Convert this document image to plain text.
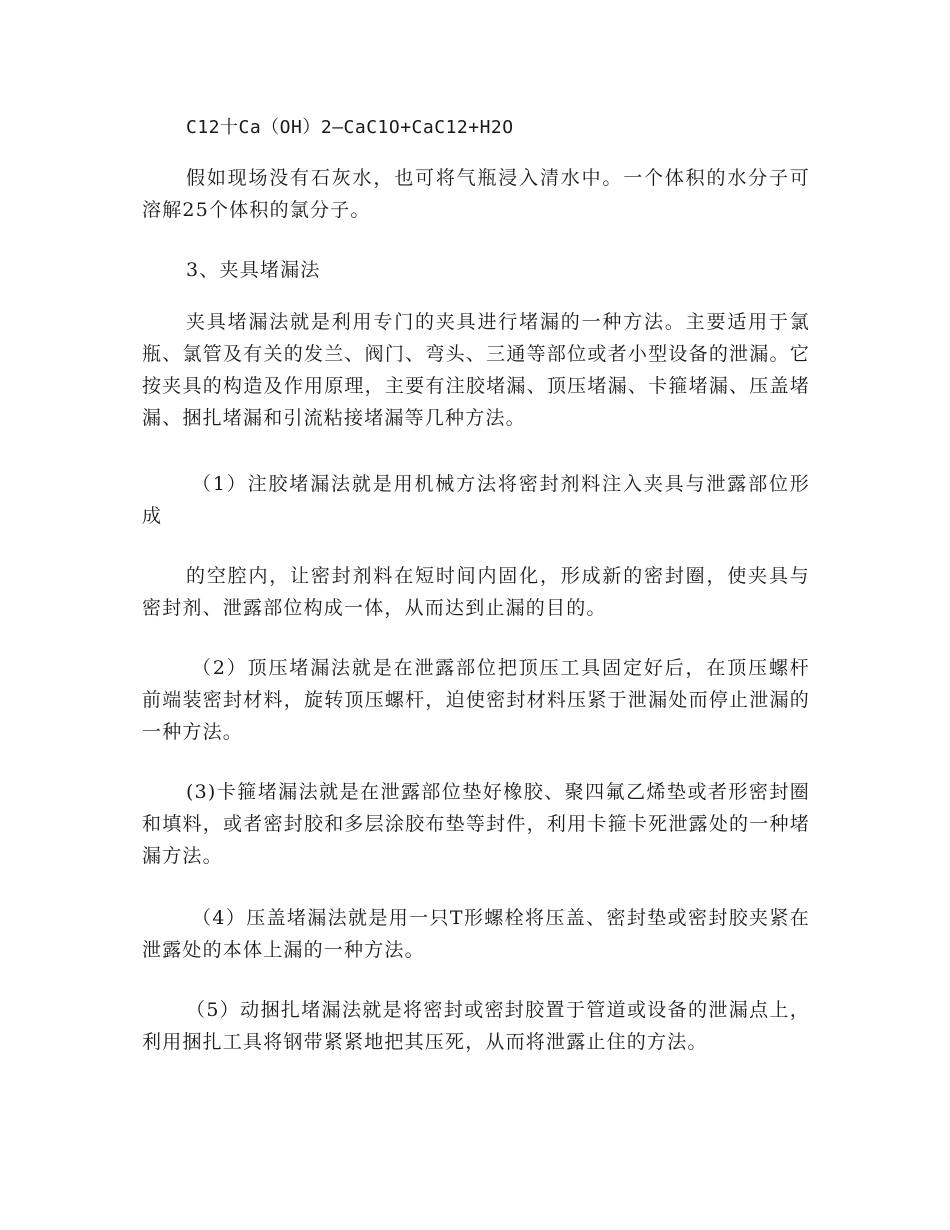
C12十Ca（OH）2—CaC1O+CaC12+H2O

假如现场没有石灰水，也可将气瓶浸入清水中。一个体积的水分子可溶解25个体积的氯分子。

3、夹具堵漏法

夹具堵漏法就是利用专门的夹具进行堵漏的一种方法。主要适用于氯瓶、氯管及有关的发兰、阀门、弯头、三通等部位或者小型设备的泄漏。它按夹具的构造及作用原理，主要有注胶堵漏、顶压堵漏、卡箍堵漏、压盖堵漏、捆扎堵漏和引流粘接堵漏等几种方法。

（1）注胶堵漏法就是用机械方法将密封剂料注入夹具与泄露部位形成

的空腔内，让密封剂料在短时间内固化，形成新的密封圈，使夹具与密封剂、泄露部位构成一体，从而达到止漏的目的。

（2）顶压堵漏法就是在泄露部位把顶压工具固定好后，在顶压螺杆前端装密封材料，旋转顶压螺杆，迫使密封材料压紧于泄漏处而停止泄漏的一种方法。

(3)卡箍堵漏法就是在泄露部位垫好橡胶、聚四氟乙烯垫或者形密封圈和填料，或者密封胶和多层涂胶布垫等封件，利用卡箍卡死泄露处的一种堵漏方法。

（4）压盖堵漏法就是用一只T形螺栓将压盖、密封垫或密封胶夹紧在泄露处的本体上漏的一种方法。

（5）动捆扎堵漏法就是将密封或密封胶置于管道或设备的泄漏点上，利用捆扎工具将钢带紧紧地把其压死，从而将泄露止住的方法。
